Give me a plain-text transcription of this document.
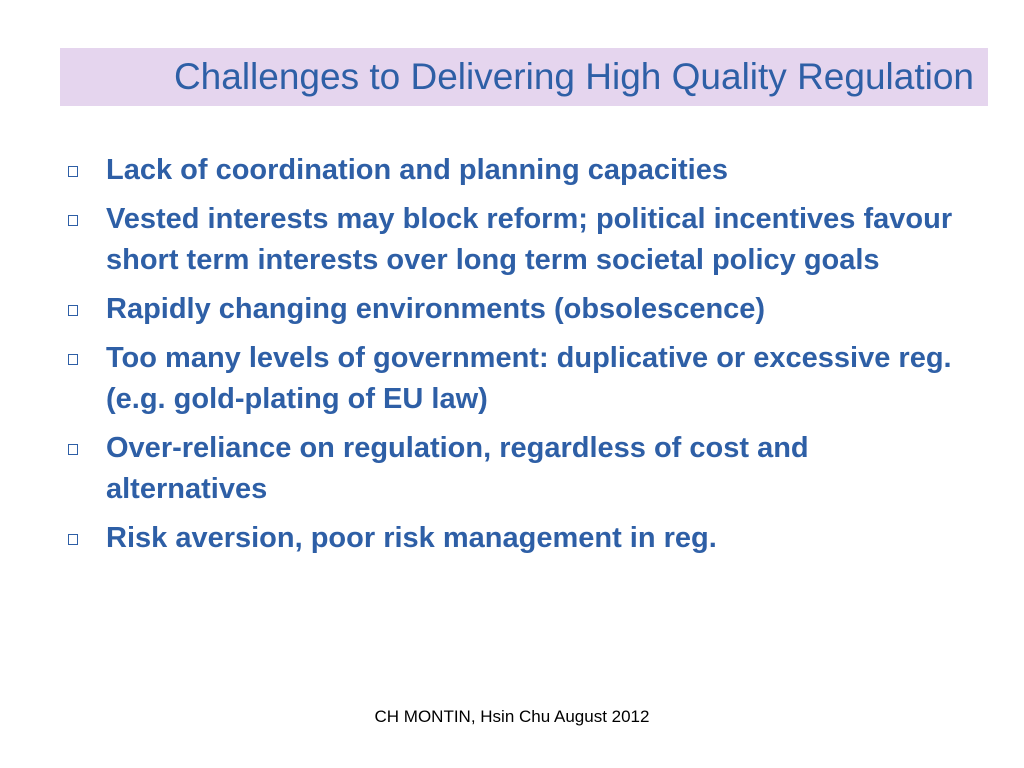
Challenges to Delivering High Quality Regulation
Lack of coordination and planning capacities
Vested interests may block reform; political incentives favour short term interests over long term societal policy goals
Rapidly changing environments (obsolescence)
Too many levels of government: duplicative or excessive reg. (e.g. gold-plating of EU law)
Over-reliance on regulation, regardless of cost and alternatives
Risk aversion, poor risk management in reg.
CH MONTIN, Hsin Chu August 2012
